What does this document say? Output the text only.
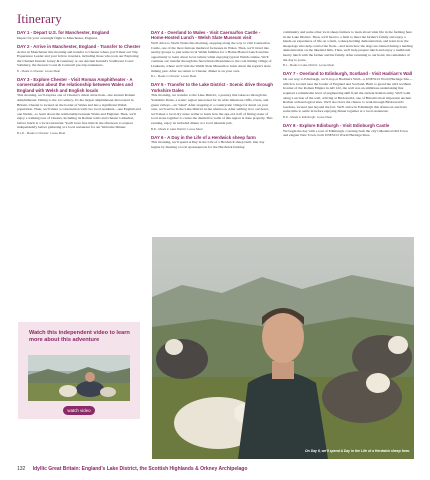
Itinerary
DAY 1 - Depart U.S. for Manchester, England
Depart for your overnight flight to Manchester, England.
DAY 2 - Arrive in Manchester, England - Transfer to Chester
Arrive in Manchester this morning and transfer to Chester where you'll meet our Trip Experience Leader and your fellow travelers, including those who took our Exploring the Channel Islands: Jersey & Guernsey or our Ancient Ireland's Southwest Coast: Salisbury, the Jurassic Coast & Cornwall pre-trip extensions.
D - Meals in Chester: Loose Meal
DAY 3 - Explore Chester - Visit Roman Amphitheater - A conversation about the relationship between Wales and England with Welsh and English locals
This morning, we'll explore one of Chester's oldest attractions—the ancient Roman Amphitheater. Dating to the 1st century, it's the largest amphitheater discovered in Britain. Chester is located on the border of Wales and has a significant Welsh population. Then, we'll share a conversation with two local residents—one English and one Welsh—to learn about the relationship between Wales and England. Then, we'll enjoy a walking tour of Chester, including its Roman walls and Chester Cathedral, before lunch at a local restaurant. You'll have free time in the afternoon to explore independently before gathering at a local restaurant for our Welcome Dinner.
B,L,D - Meals in Chester: Loose Meal
DAY 4 - Overland to Wales - Visit Caernarfon Castle - Home-Hosted Lunch - Welsh Slate Museum visit
We'll drive to North Wales this morning, stopping along the way to visit Caernarfon Castle, one of the most famous medieval fortresses in Wales. Then, we'll travel into nearby groups to join some local Welsh families for a Home-Hosted Lunch and the opportunity to learn about local culture while enjoying typical Welsh cuisine. We'll continue our transfer through the Snowdonia Mountains to the coal mining village of Llanberis, where we'll visit the Welsh Slate Museum to learn about the region's slate mining past. After we return to Chester, dinner is on your own.
B,L - Meals in Chester: Loose Meal
DAY 5 - Transfer to the Lake District - Scenic drive through Yorkshire Dales
This morning, we transfer to the Lake District, a journey that takes us through the Yorkshire Dales, a scenic region renowned for its wide limestone cliffs, rivers, and green valleys—an "ideal" After stopping at a countryside village for lunch on your own, we'll arrive in the Lake District in the afternoon. After settling in to our hotel, we'll meet a local dry stone waller to learn how the age-old craft of fitting stone of local stone together to create the distinctive walls of this region is done properly. This evening, enjoy an included dinner at a local lakeside pub.
B,D - Meals in Lake District: Loose Meal
DAY 6 - A Day in the Life of a Herdwick sheep farm
This morning, we'll spend A Day in the Life of a Herdwick sheep farm. Our day begins by meeting a local spokesperson for the Herdwick farming
community and some other local sheep farmers to learn about what life in the farming here in the Lake District. Then, we'll head to a farm to meet the farmer's family and enjoy a hands-on experience of life on a farm, a sheep herding demonstration, and learn how the sheepdogs who help control the flock—and learn how the dogs are trained during a herding demonstration on the lakeland hills. Then, we'll help prepare lunch and enjoy a traditional hearty lunch with the farmer and his family. After returning to our hotel, the remainder of the day is yours.
B,L - Meals in Lake District: Loose Meal
DAY 7 - Overland to Edinburgh, Scotland - Visit Hadrian's Wall
On our way to Edinburgh, we'll stop at Hadrian's Wall—a UNESCO World Heritage Site—which is located near the border of England and Scotland. Built to guard the wild northern frontier of the Roman Empire in AD 122, the wall was an ambitious undertaking that required a remarkable level of engineering skill from the ancient Roman army. We'll walk along a section of the wall, arriving at Birdoswald, one of Britain's most important ancient Roman archaeological sites. We'll also have the chance to walk through Birdoswald's Gardens, located just beyond the fort. We'll arrive in Edinburgh this afternoon and have some time to settle in before enjoying dinner together at a local restaurant.
B,D - Meals in Edinburgh: Loose Meal
DAY 8 - Explore Edinburgh - Visit Edinburgh Castle
We begin the day with a tour of Edinburgh, covering both the city's Medieval Old Town and elegant New Town, both UNESCO World Heritage Sites.
Watch this independent video to learn more about this adventure
watch video
On Day 6, we'll spend A Day in the Life of a Herdwick sheep farm.
132 Idyllic Great Britain: England's Lake District, the Scottish Highlands & Orkney Archipelago
